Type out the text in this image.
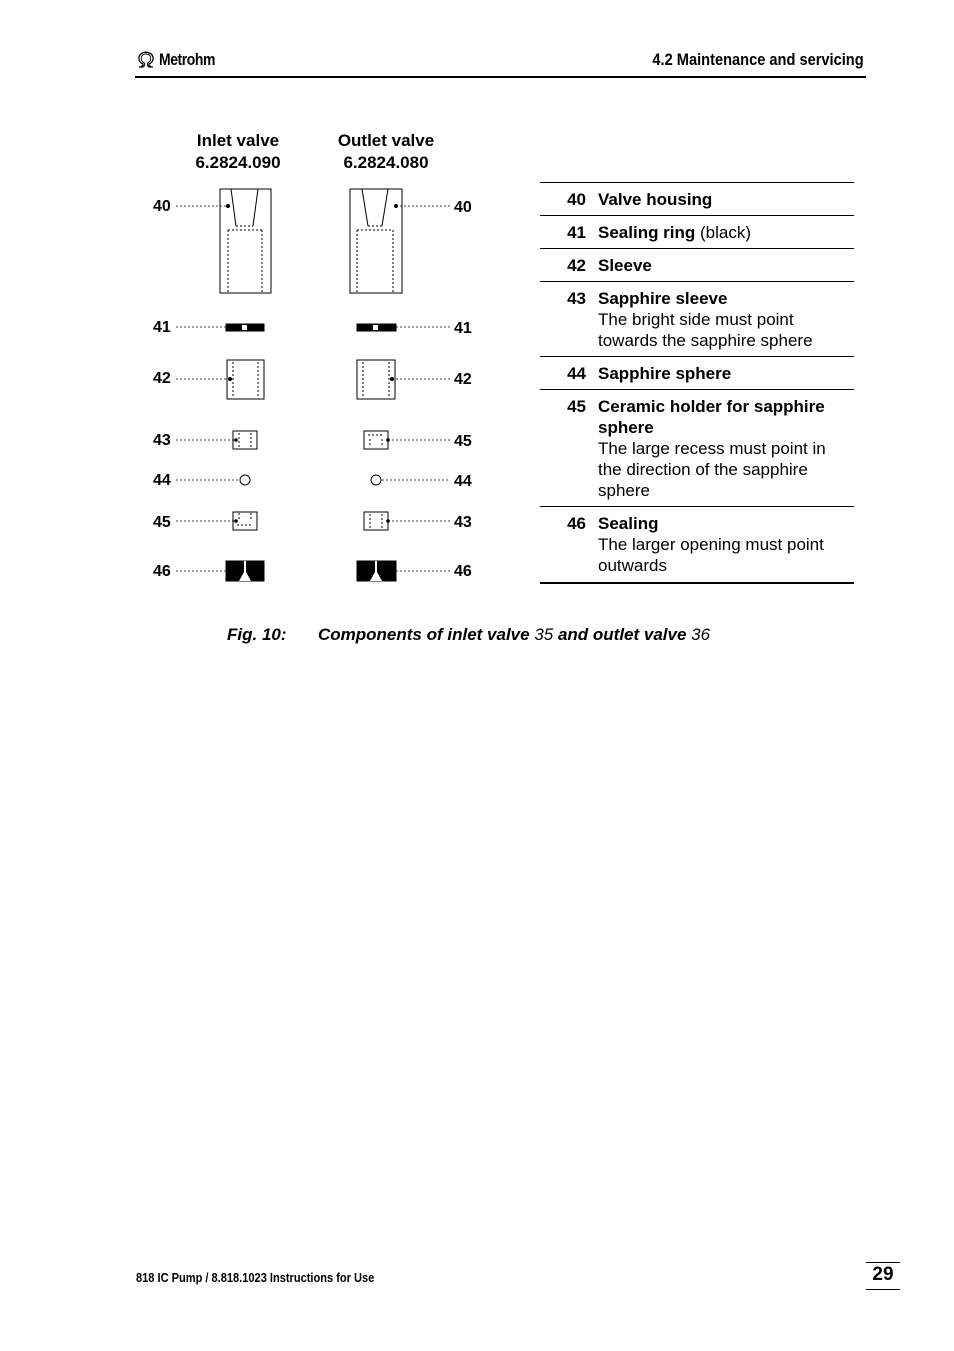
Metrohm	4.2 Maintenance and servicing
Inlet valve
6.2824.090
Outlet valve
6.2824.080
40
41
42
43
44
45
46
40
41
42
45
44
43
46
40 Valve housing
41 Sealing ring (black)
42 Sleeve
43 Sapphire sleeve
The bright side must point towards the sapphire sphere
44 Sapphire sphere
45 Ceramic holder for sapphire sphere
The large recess must point in the direction of the sapphire sphere
46 Sealing
The larger opening must point outwards
Fig. 10: Components of inlet valve 35 and outlet valve 36
818 IC Pump / 8.818.1023 Instructions for Use	29
